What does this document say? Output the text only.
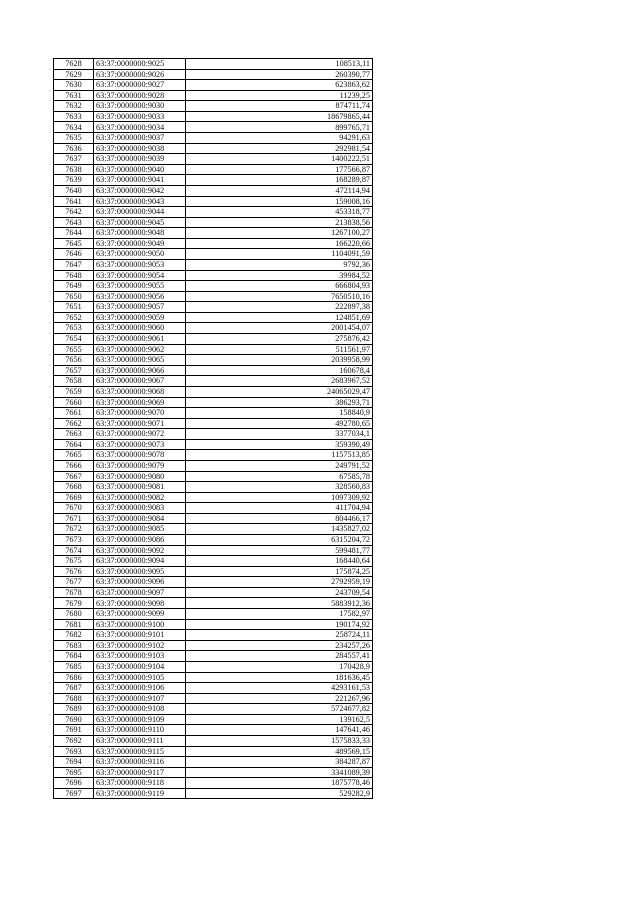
7628	63:37:0000000:9025	108513,11
7629	63:37:0000000:9026	260390,77
7630	63:37:0000000:9027	623863,62
7631	63:37:0000000:9028	11239,25
7632	63:37:0000000:9030	874711,74
7633	63:37:0000000:9033	18679865,44
7634	63:37:0000000:9034	899765,71
7635	63:37:0000000:9037	94291,63
7636	63:37:0000000:9038	292981,54
7637	63:37:0000000:9039	1400222,51
7638	63:37:0000000:9040	177566,87
7639	63:37:0000000:9041	168289,87
7640	63:37:0000000:9042	472114,94
7641	63:37:0000000:9043	159008,16
7642	63:37:0000000:9044	453318,77
7643	63:37:0000000:9045	213838,56
7644	63:37:0000000:9048	1267100,27
7645	63:37:0000000:9049	166220,66
7646	63:37:0000000:9050	1104091,59
7647	63:37:0000000:9053	9792,36
7648	63:37:0000000:9054	39984,52
7649	63:37:0000000:9055	666804,93
7650	63:37:0000000:9056	7650510,16
7651	63:37:0000000:9057	222897,38
7652	63:37:0000000:9059	124851,69
7653	63:37:0000000:9060	2001454,07
7654	63:37:0000000:9061	275876,42
7655	63:37:0000000:9062	511561,97
7656	63:37:0000000:9065	2039958,99
7657	63:37:0000000:9066	160678,4
7658	63:37:0000000:9067	2683967,52
7659	63:37:0000000:9068	24065029,47
7660	63:37:0000000:9069	386293,71
7661	63:37:0000000:9070	158840,9
7662	63:37:0000000:9071	492780,65
7663	63:37:0000000:9072	3377034,1
7664	63:37:0000000:9073	359390,49
7665	63:37:0000000:9078	1157513,85
7666	63:37:0000000:9079	249791,52
7667	63:37:0000000:9080	67585,78
7668	63:37:0000000:9081	328560,83
7669	63:37:0000000:9082	1097309,92
7670	63:37:0000000:9083	411704,94
7671	63:37:0000000:9084	804466,17
7672	63:37:0000000:9085	1435827,02
7673	63:37:0000000:9086	6315204,72
7674	63:37:0000000:9092	599481,77
7675	63:37:0000000:9094	168440,64
7676	63:37:0000000:9095	175874,25
7677	63:37:0000000:9096	2792959,19
7678	63:37:0000000:9097	243709,54
7679	63:37:0000000:9098	5883912,36
7680	63:37:0000000:9099	17582,97
7681	63:37:0000000:9100	190174,92
7682	63:37:0000000:9101	258724,11
7683	63:37:0000000:9102	234257,26
7684	63:37:0000000:9103	284557,41
7685	63:37:0000000:9104	170428,9
7686	63:37:0000000:9105	181636,45
7687	63:37:0000000:9106	4293161,53
7688	63:37:0000000:9107	221267,96
7689	63:37:0000000:9108	5724677,82
7690	63:37:0000000:9109	139162,5
7691	63:37:0000000:9110	147641,46
7692	63:37:0000000:9111	1575833,33
7693	63:37:0000000:9115	489569,15
7694	63:37:0000000:9116	384287,87
7695	63:37:0000000:9117	3341089,39
7696	63:37:0000000:9118	1875778,46
7697	63:37:0000000:9119	529282,9
